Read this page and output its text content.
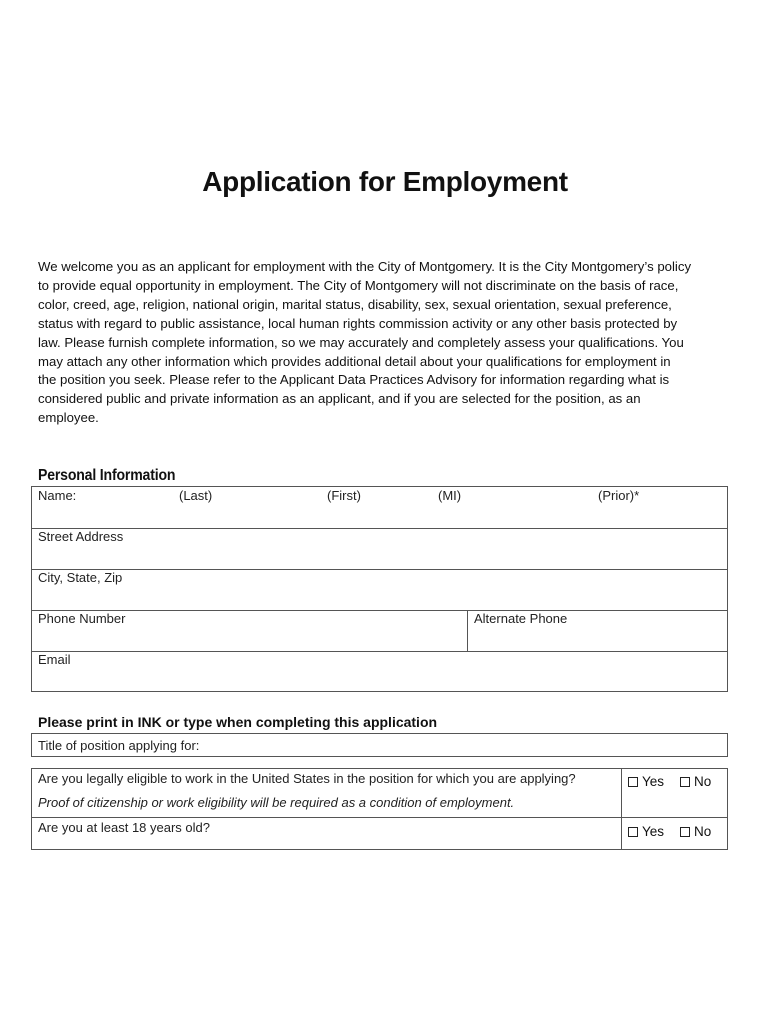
Application for Employment
We welcome you as an applicant for employment with the City of Montgomery. It is the City Montgomery’s policy
to provide equal opportunity in employment. The City of Montgomery will not discriminate on the basis of race,
color, creed, age, religion, national origin, marital status, disability, sex, sexual orientation, sexual preference,
status with regard to public assistance, local human rights commission activity or any other basis protected by
law. Please furnish complete information, so we may accurately and completely assess your qualifications. You
may attach any other information which provides additional detail about your qualifications for employment in
the position you seek. Please refer to the Applicant Data Practices Advisory for information regarding what is
considered public and private information as an applicant, and if you are selected for the position, as an
employee.
Personal Information
Name:	(Last)	(First)	(MI)	(Prior)*
Street Address
City, State, Zip
Phone Number	Alternate Phone
Email
Please print in INK or type when completing this application
Title of position applying for:
Are you legally eligible to work in the United States in the position for which you are applying?
Proof of citizenship or work eligibility will be required as a condition of employment.
Yes	No
Are you at least 18 years old?	Yes	No
